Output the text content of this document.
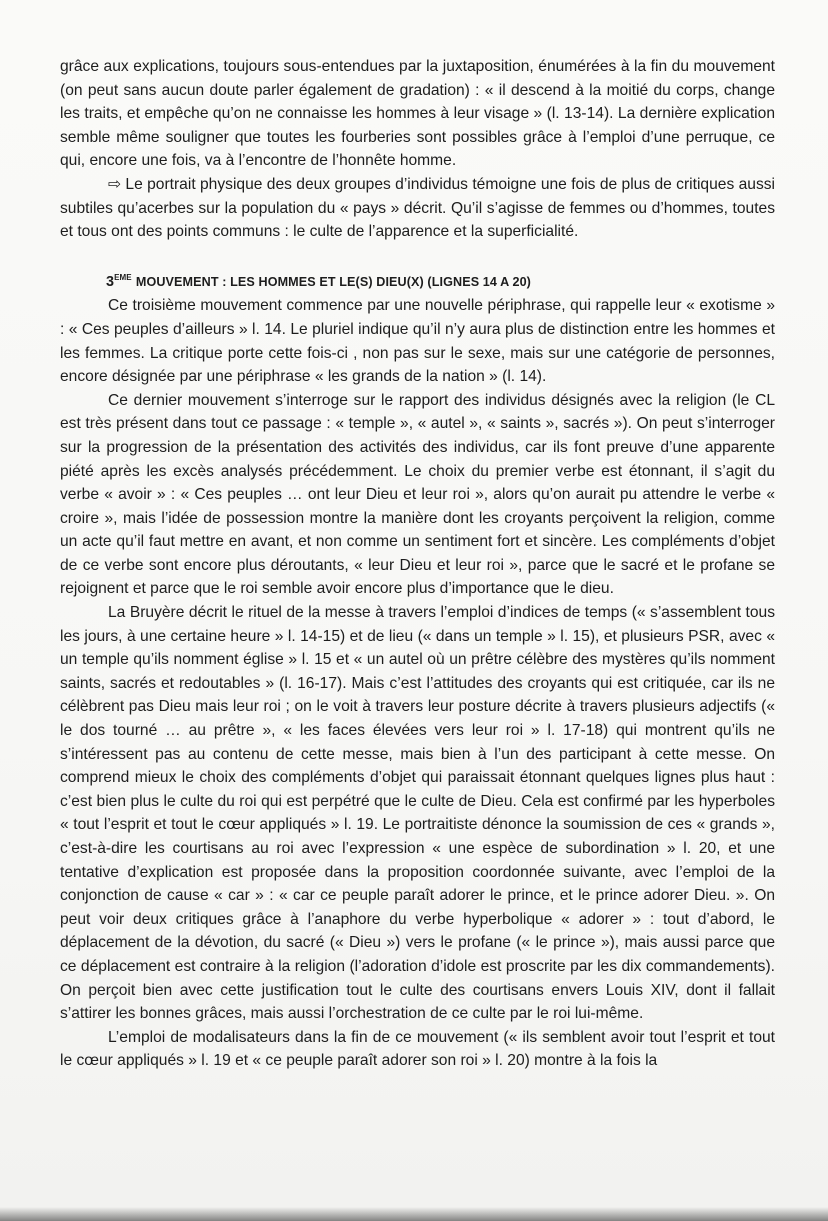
grâce aux explications, toujours sous-entendues par la juxtaposition, énumérées à la fin du mouvement (on peut sans aucun doute parler également de gradation) : « il descend à la moitié du corps, change les traits, et empêche qu’on ne connaisse les hommes à leur visage » (l. 13-14). La dernière explication semble même souligner que toutes les fourberies sont possibles grâce à l’emploi d’une perruque, ce qui, encore une fois, va à l’encontre de l’honnête homme.

⇨ Le portrait physique des deux groupes d’individus témoigne une fois de plus de critiques aussi subtiles qu’acerbes sur la population du « pays » décrit. Qu’il s’agisse de femmes ou d’hommes, toutes et tous ont des points communs : le culte de l’apparence et la superficialité.

3EME MOUVEMENT : LES HOMMES ET LE(S) DIEU(X) (LIGNES 14 A 20)

Ce troisième mouvement commence par une nouvelle périphrase, qui rappelle leur « exotisme » : « Ces peuples d’ailleurs » l. 14. Le pluriel indique qu’il n’y aura plus de distinction entre les hommes et les femmes. La critique porte cette fois-ci , non pas sur le sexe, mais sur une catégorie de personnes, encore désignée par une périphrase « les grands de la nation » (l. 14).

Ce dernier mouvement s’interroge sur le rapport des individus désignés avec la religion (le CL est très présent dans tout ce passage : « temple », « autel », « saints », sacrés »). On peut s’interroger sur la progression de la présentation des activités des individus, car ils font preuve d’une apparente piété après les excès analysés précédemment. Le choix du premier verbe est étonnant, il s’agit du verbe « avoir » : « Ces peuples … ont leur Dieu et leur roi », alors qu’on aurait pu attendre le verbe « croire », mais l’idée de possession montre la manière dont les croyants perçoivent la religion, comme un acte qu’il faut mettre en avant, et non comme un sentiment fort et sincère. Les compléments d’objet de ce verbe sont encore plus déroutants, « leur Dieu et leur roi », parce que le sacré et le profane se rejoignent et parce que le roi semble avoir encore plus d’importance que le dieu.

La Bruyère décrit le rituel de la messe à travers l’emploi d’indices de temps (« s’assemblent tous les jours, à une certaine heure » l. 14-15) et de lieu (« dans un temple » l. 15), et plusieurs PSR, avec « un temple qu’ils nomment église » l. 15 et « un autel où un prêtre célèbre des mystères qu’ils nomment saints, sacrés et redoutables » (l. 16-17). Mais c’est l’attitudes des croyants qui est critiquée, car ils ne célèbrent pas Dieu mais leur roi ; on le voit à travers leur posture décrite à travers plusieurs adjectifs (« le dos tourné … au prêtre », « les faces élevées vers leur roi » l. 17-18) qui montrent qu’ils ne s’intéressent pas au contenu de cette messe, mais bien à l’un des participant à cette messe. On comprend mieux le choix des compléments d’objet qui paraissait étonnant quelques lignes plus haut : c’est bien plus le culte du roi qui est perpétré que le culte de Dieu. Cela est confirmé par les hyperboles « tout l’esprit et tout le cœur appliqués » l. 19. Le portraitiste dénonce la soumission de ces « grands », c’est-à-dire les courtisans au roi avec l’expression « une espèce de subordination » l. 20, et une tentative d’explication est proposée dans la proposition coordonnée suivante, avec l’emploi de la conjonction de cause « car » : « car ce peuple paraît adorer le prince, et le prince adorer Dieu. ». On peut voir deux critiques grâce à l’anaphore du verbe hyperbolique « adorer » : tout d’abord, le déplacement de la dévotion, du sacré (« Dieu ») vers le profane (« le prince »), mais aussi parce que ce déplacement est contraire à la religion (l’adoration d’idole est proscrite par les dix commandements). On perçoit bien avec cette justification tout le culte des courtisans envers Louis XIV, dont il fallait s’attirer les bonnes grâces, mais aussi l’orchestration de ce culte par le roi lui-même.

L’emploi de modalisateurs dans la fin de ce mouvement (« ils semblent avoir tout l’esprit et tout le cœur appliqués » l. 19 et « ce peuple paraît adorer son roi » l. 20) montre à la fois la
